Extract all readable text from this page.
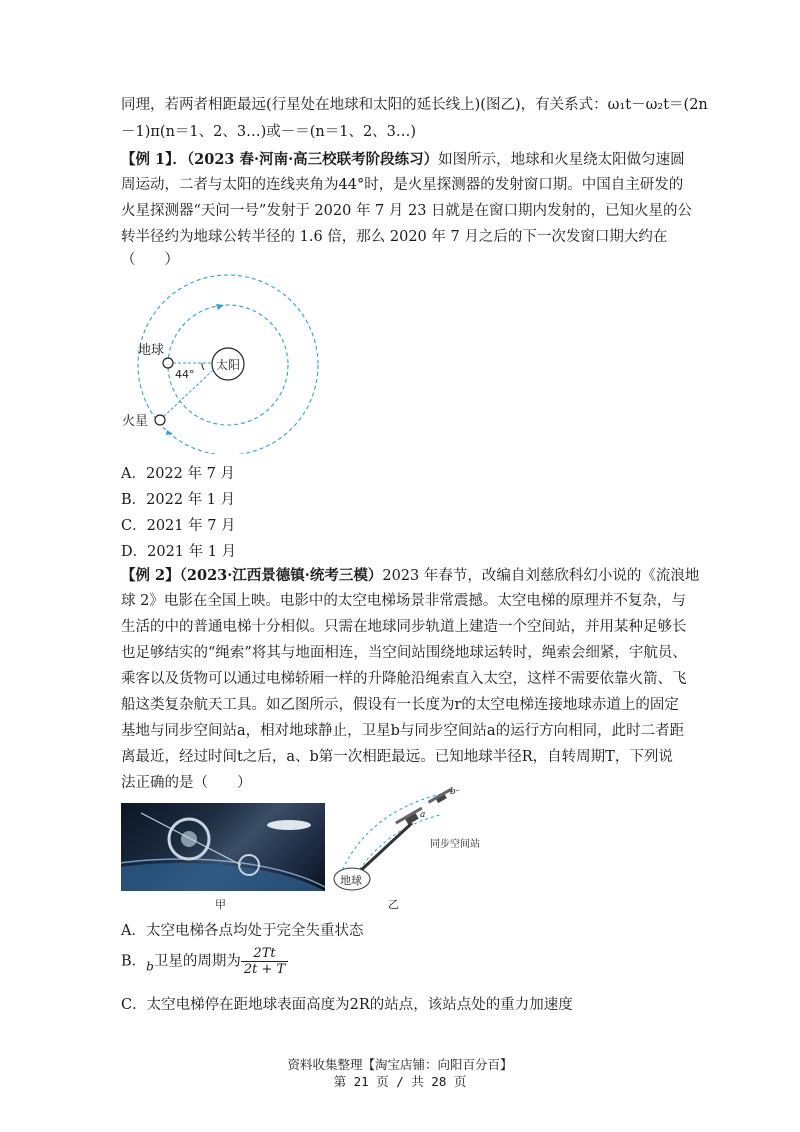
同理，若两者相距最远(行星处在地球和太阳的延长线上)(图乙)，有关系式：ω₁t－ω₂t＝(2n
－1)π(n＝1、2、3…)或－＝(n＝1、2、3…)
【例 1】．（2023 春·河南·高三校联考阶段练习）如图所示，地球和火星绕太阳做匀速圆
周运动，二者与太阳的连线夹角为44°时，是火星探测器的发射窗口期。中国自主研发的
火星探测器“天问一号”发射于 2020 年 7 月 23 日就是在窗口期内发射的，已知火星的公
转半径约为地球公转半径的 1.6 倍，那么 2020 年 7 月之后的下一次发窗口期大约在
（　　）
地球
太阳
44°
火星
A．2022 年 7 月
B．2022 年 1 月
C．2021 年 7 月
D．2021 年 1 月
【例 2】（2023·江西景德镇·统考三模）2023 年春节，改编自刘慈欣科幻小说的《流浪地
球 2》电影在全国上映。电影中的太空电梯场景非常震撼。太空电梯的原理并不复杂，与
生活的中的普通电梯十分相似。只需在地球同步轨道上建造一个空间站，并用某种足够长
也足够结实的“绳索”将其与地面相连，当空间站围绕地球运转时，绳索会细紧，宇航员、
乘客以及货物可以通过电梯轿厢一样的升降舱沿绳索直入太空，这样不需要依靠火箭、飞
船这类复杂航天工具。如乙图所示，假设有一长度为r的太空电梯连接地球赤道上的固定
基地与同步空间站a，相对地球静止，卫星b与同步空间站a的运行方向相同，此时二者距
离最近，经过时间t之后，a、b第一次相距最远。已知地球半径R，自转周期T，下列说
法正确的是（　　）
甲
地球
a
b
同步空间站
乙
A．太空电梯各点均处于完全失重状态
B．$_b$卫星的周期为 $\frac{2Tt}{2t + T}$
C．太空电梯停在距地球表面高度为2R的站点，该站点处的重力加速度
资料收集整理【淘宝店铺：向阳百分百】
第 21 页 / 共 28 页
